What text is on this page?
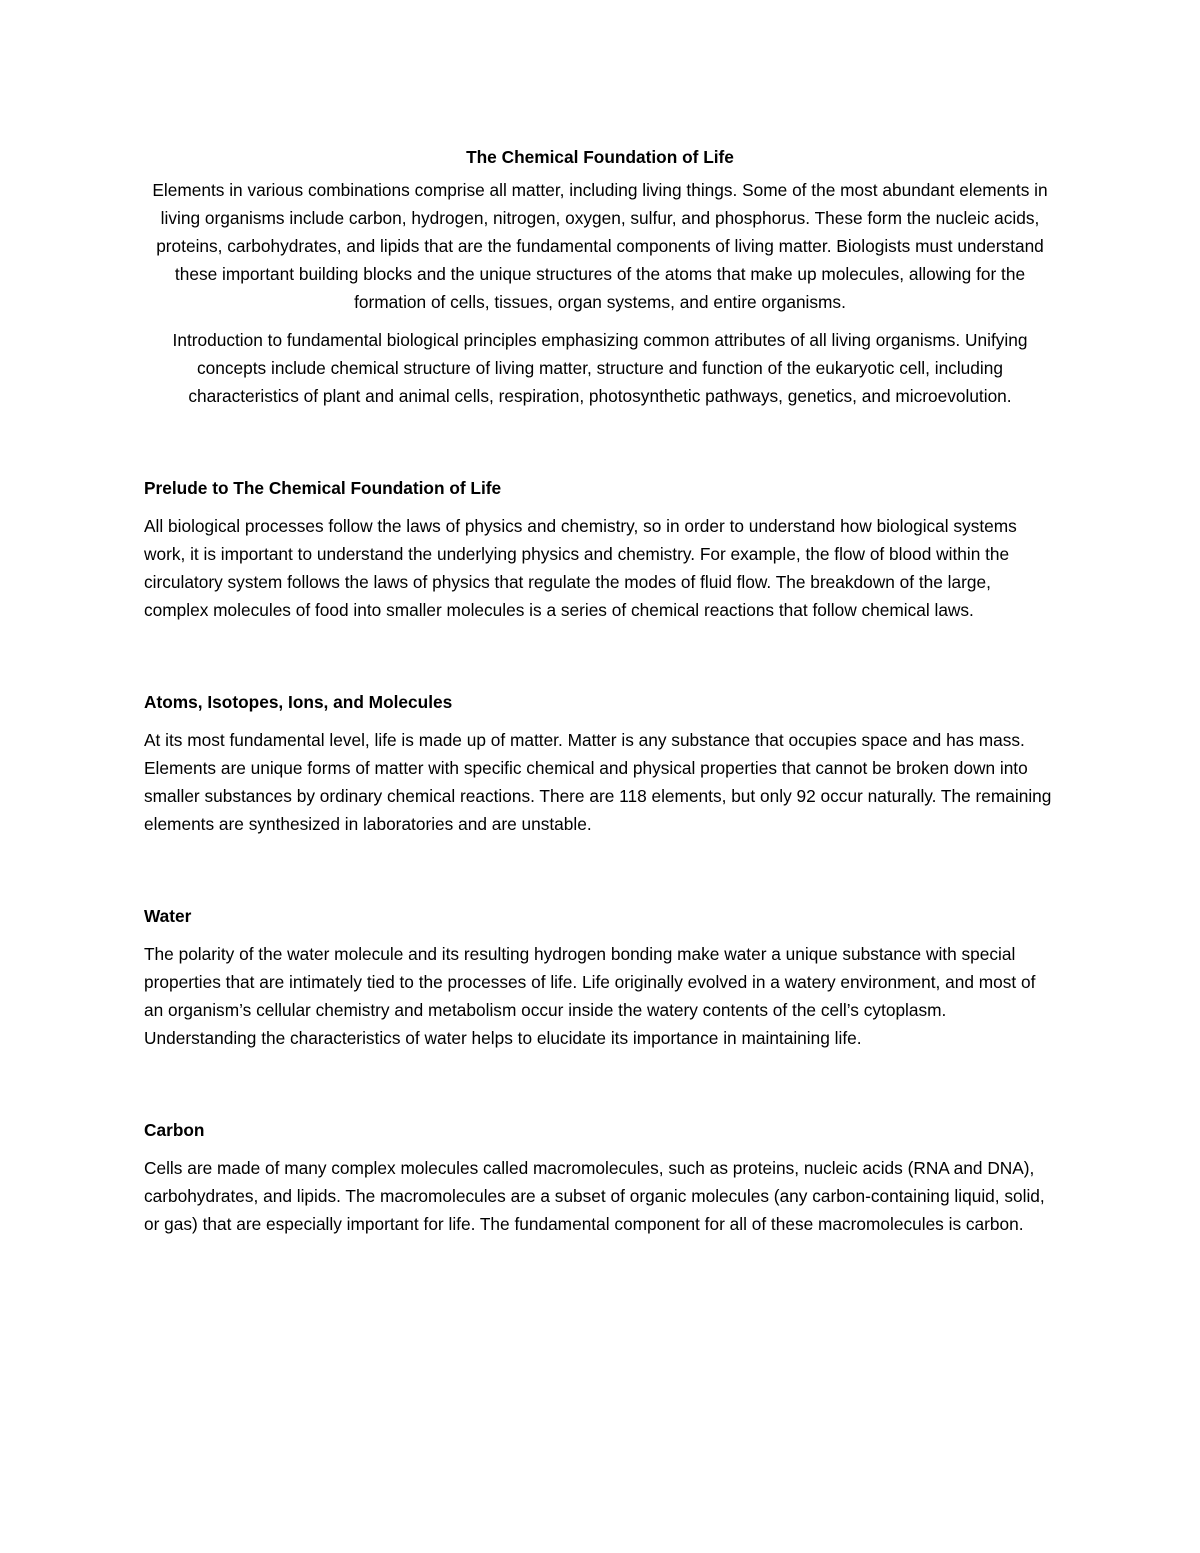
The Chemical Foundation of Life

Elements in various combinations comprise all matter, including living things. Some of the most abundant elements in living organisms include carbon, hydrogen, nitrogen, oxygen, sulfur, and phosphorus. These form the nucleic acids, proteins, carbohydrates, and lipids that are the fundamental components of living matter. Biologists must understand these important building blocks and the unique structures of the atoms that make up molecules, allowing for the formation of cells, tissues, organ systems, and entire organisms.

Introduction to fundamental biological principles emphasizing common attributes of all living organisms. Unifying concepts include chemical structure of living matter, structure and function of the eukaryotic cell, including characteristics of plant and animal cells, respiration, photosynthetic pathways, genetics, and microevolution.

Prelude to The Chemical Foundation of Life

All biological processes follow the laws of physics and chemistry, so in order to understand how biological systems work, it is important to understand the underlying physics and chemistry. For example, the flow of blood within the circulatory system follows the laws of physics that regulate the modes of fluid flow. The breakdown of the large, complex molecules of food into smaller molecules is a series of chemical reactions that follow chemical laws.

Atoms, Isotopes, Ions, and Molecules

At its most fundamental level, life is made up of matter. Matter is any substance that occupies space and has mass. Elements are unique forms of matter with specific chemical and physical properties that cannot be broken down into smaller substances by ordinary chemical reactions. There are 118 elements, but only 92 occur naturally. The remaining elements are synthesized in laboratories and are unstable.

Water

The polarity of the water molecule and its resulting hydrogen bonding make water a unique substance with special properties that are intimately tied to the processes of life. Life originally evolved in a watery environment, and most of an organism’s cellular chemistry and metabolism occur inside the watery contents of the cell’s cytoplasm. Understanding the characteristics of water helps to elucidate its importance in maintaining life.

Carbon

Cells are made of many complex molecules called macromolecules, such as proteins, nucleic acids (RNA and DNA), carbohydrates, and lipids. The macromolecules are a subset of organic molecules (any carbon-containing liquid, solid, or gas) that are especially important for life. The fundamental component for all of these macromolecules is carbon.
